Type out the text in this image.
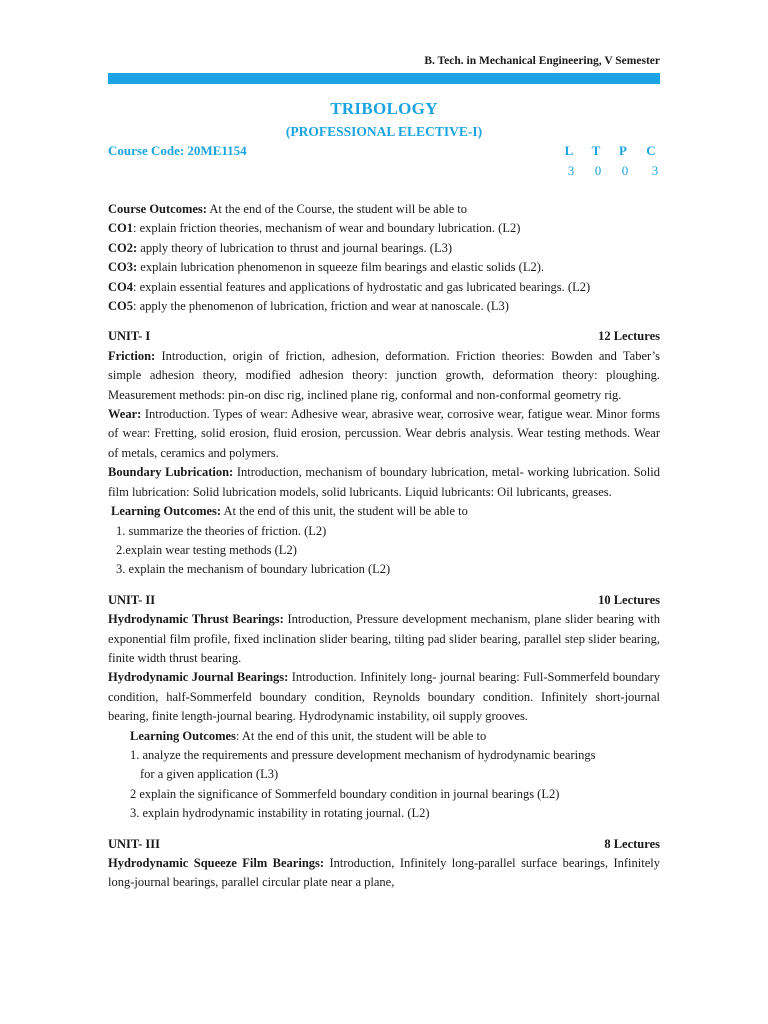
B. Tech. in Mechanical Engineering, V Semester
TRIBOLOGY
(PROFESSIONAL ELECTIVE-I)
Course Code: 20ME1154	L	T	P	C
3	0	0	3

Course Outcomes: At the end of the Course, the student will be able to

CO1: explain friction theories, mechanism of wear and boundary lubrication. (L2)

CO2: apply theory of lubrication to thrust and journal bearings. (L3)

CO3: explain lubrication phenomenon in squeeze film bearings and elastic solids (L2).

CO4: explain essential features and applications of hydrostatic and gas lubricated bearings. (L2)

CO5: apply the phenomenon of lubrication, friction and wear at nanoscale. (L3)

UNIT- I	12 Lectures

Friction: Introduction, origin of friction, adhesion, deformation. Friction theories: Bowden and Taber’s simple adhesion theory, modified adhesion theory: junction growth, deformation theory: ploughing. Measurement methods: pin-on disc rig, inclined plane rig, conformal and non-conformal geometry rig.

Wear: Introduction. Types of wear: Adhesive wear, abrasive wear, corrosive wear, fatigue wear. Minor forms of wear: Fretting, solid erosion, fluid erosion, percussion. Wear debris analysis. Wear testing methods. Wear of metals, ceramics and polymers.

Boundary Lubrication: Introduction, mechanism of boundary lubrication, metal- working lubrication. Solid film lubrication: Solid lubrication models, solid lubricants. Liquid lubricants: Oil lubricants, greases.

Learning Outcomes: At the end of this unit, the student will be able to

1. summarize the theories of friction. (L2)

2.explain wear testing methods (L2)

3. explain the mechanism of boundary lubrication (L2)

UNIT- II	10 Lectures

Hydrodynamic Thrust Bearings: Introduction, Pressure development mechanism, plane slider bearing with exponential film profile, fixed inclination slider bearing, tilting pad slider bearing, parallel step slider bearing, finite width thrust bearing.

Hydrodynamic Journal Bearings: Introduction. Infinitely long- journal bearing: Full-Sommerfeld boundary condition, half-Sommerfeld boundary condition, Reynolds boundary condition. Infinitely short-journal bearing, finite length-journal bearing. Hydrodynamic instability, oil supply grooves.

Learning Outcomes: At the end of this unit, the student will be able to

1. analyze the requirements and pressure development mechanism of hydrodynamic bearings

for a given application (L3)

2 explain the significance of Sommerfeld boundary condition in journal bearings (L2)

3. explain hydrodynamic instability in rotating journal. (L2)

UNIT- III	8 Lectures

Hydrodynamic Squeeze Film Bearings: Introduction, Infinitely long-parallel surface bearings, Infinitely long-journal bearings, parallel circular plate near a plane,
